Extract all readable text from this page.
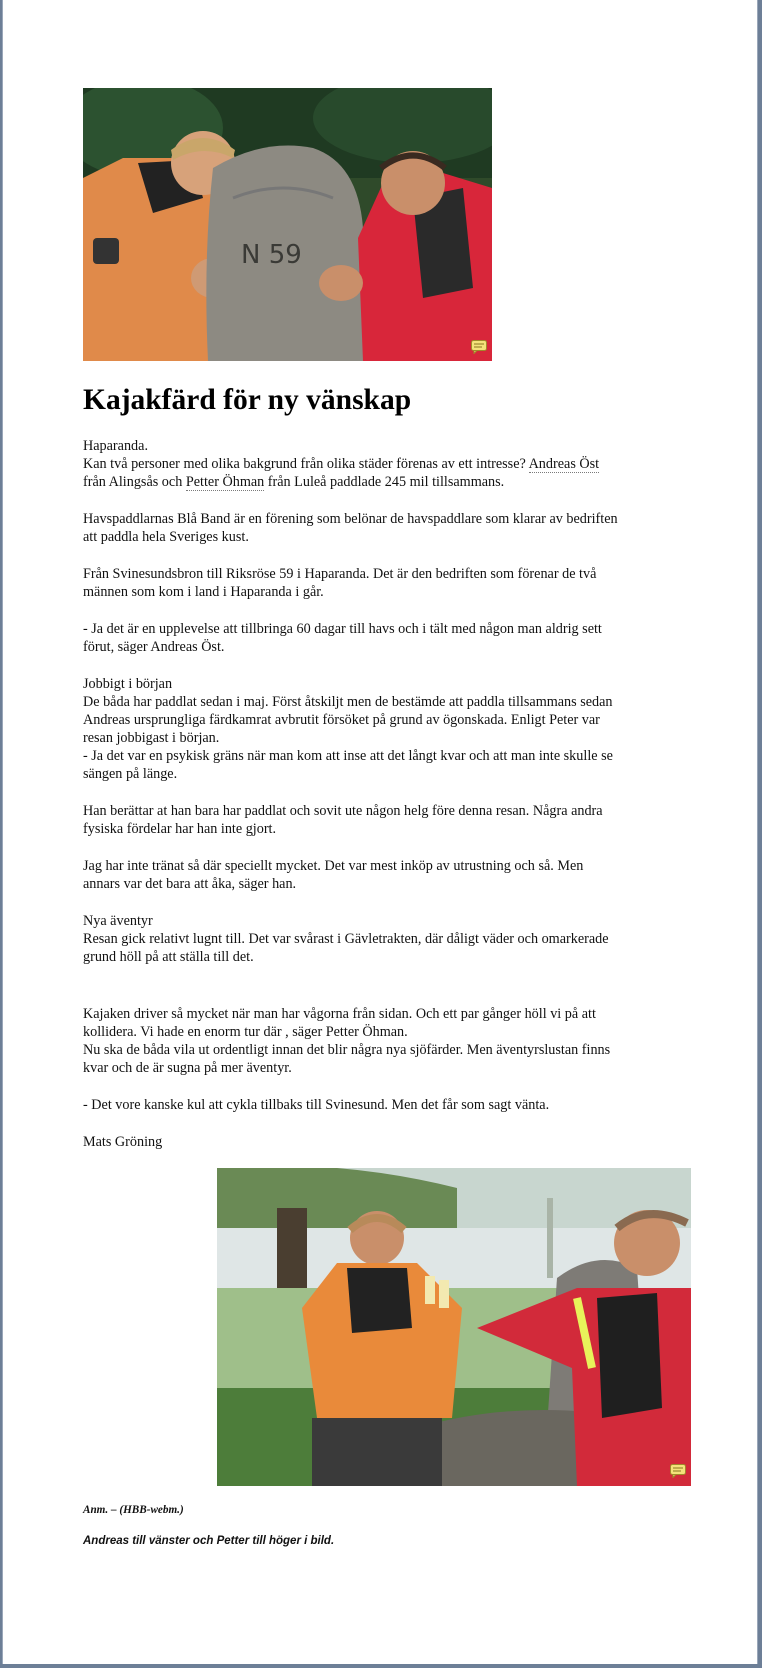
N 59
Kajakfärd för ny vänskap
Haparanda.
Kan två personer med olika bakgrund från olika städer förenas av ett intresse? Andreas Öst
från Alingsås och Petter Öhman från Luleå paddlade 245 mil tillsammans.
Havspaddlarnas Blå Band är en förening som belönar de havspaddlare som klarar av bedriften
att paddla hela Sveriges kust.
Från Svinesundsbron till Riksröse 59 i Haparanda. Det är den bedriften som förenar de två
männen som kom i land i Haparanda i går.
- Ja det är en upplevelse att tillbringa 60 dagar till havs och i tält med någon man aldrig sett
förut, säger Andreas Öst.
Jobbigt i början
De båda har paddlat sedan i maj. Först åtskiljt men de bestämde att paddla tillsammans sedan
Andreas ursprungliga färdkamrat avbrutit försöket på grund av ögonskada. Enligt Peter var
resan jobbigast i början.
- Ja det var en psykisk gräns när man kom att inse att det långt kvar och att man inte skulle se
sängen på länge.
Han berättar at han bara har paddlat och sovit ute någon helg före denna resan. Några andra
fysiska fördelar har han inte gjort.
Jag har inte tränat så där speciellt mycket. Det var mest inköp av utrustning och så. Men
annars var det bara att åka, säger han.
Nya äventyr
Resan gick relativt lugnt till. Det var svårast i Gävletrakten, där dåligt väder och omarkerade
grund höll på att ställa till det.
Kajaken driver så mycket när man har vågorna från sidan. Och ett par gånger höll vi på att
kollidera. Vi hade en enorm tur där , säger Petter Öhman.
Nu ska de båda vila ut ordentligt innan det blir några nya sjöfärder. Men äventyrslustan finns
kvar och de är sugna på mer äventyr.
- Det vore kanske kul att cykla tillbaks till Svinesund. Men det får som sagt vänta.
Mats Gröning
Anm. – (HBB-webm.)
Andreas till vänster och Petter till höger i bild.
